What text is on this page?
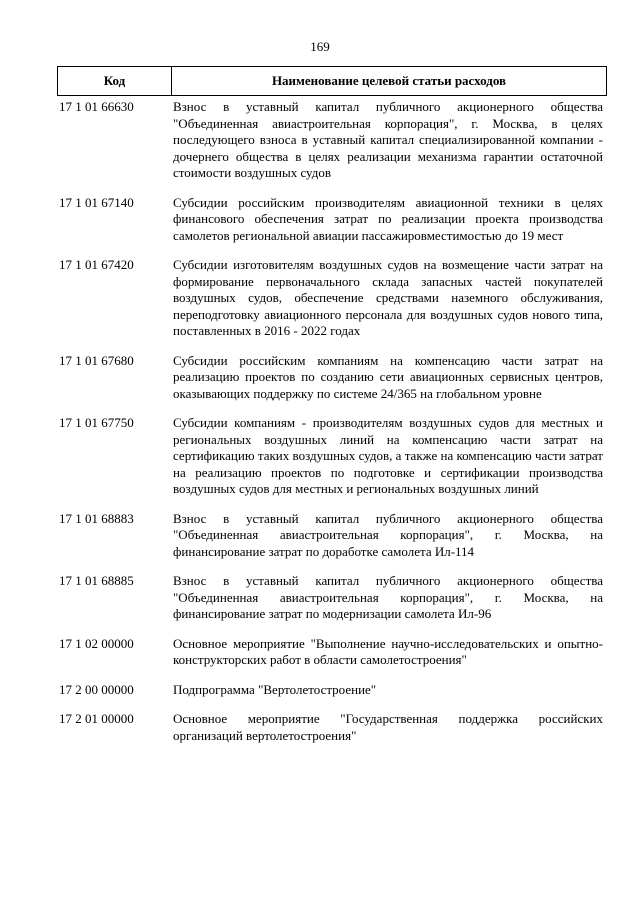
169
Код	Наименование целевой статьи расходов
17 1 01 66630	Взнос в уставный капитал публичного акционерного общества "Объединенная авиастроительная корпорация", г. Москва, в целях последующего взноса в уставный капитал специализированной компании - дочернего общества в целях реализации механизма гарантии остаточной стоимости воздушных судов
17 1 01 67140	Субсидии российским производителям авиационной техники в целях финансового обеспечения затрат по реализации проекта производства самолетов региональной авиации пассажировместимостью до 19 мест
17 1 01 67420	Субсидии изготовителям воздушных судов на возмещение части затрат на формирование первоначального склада запасных частей покупателей воздушных судов, обеспечение средствами наземного обслуживания, переподготовку авиационного персонала для воздушных судов нового типа, поставленных в 2016 - 2022 годах
17 1 01 67680	Субсидии российским компаниям на компенсацию части затрат на реализацию проектов по созданию сети авиационных сервисных центров, оказывающих поддержку по системе 24/365 на глобальном уровне
17 1 01 67750	Субсидии компаниям - производителям воздушных судов для местных и региональных воздушных линий на компенсацию части затрат на сертификацию таких воздушных судов, а также на компенсацию части затрат на реализацию проектов по подготовке и сертификации производства воздушных судов для местных и региональных воздушных линий
17 1 01 68883	Взнос в уставный капитал публичного акционерного общества "Объединенная авиастроительная корпорация", г. Москва, на финансирование затрат по доработке самолета Ил-114
17 1 01 68885	Взнос в уставный капитал публичного акционерного общества "Объединенная авиастроительная корпорация", г. Москва, на финансирование затрат по модернизации самолета Ил-96
17 1 02 00000	Основное мероприятие "Выполнение научно-исследовательских и опытно-конструкторских работ в области самолетостроения"
17 2 00 00000	Подпрограмма "Вертолетостроение"
17 2 01 00000	Основное мероприятие "Государственная поддержка российских организаций вертолетостроения"
